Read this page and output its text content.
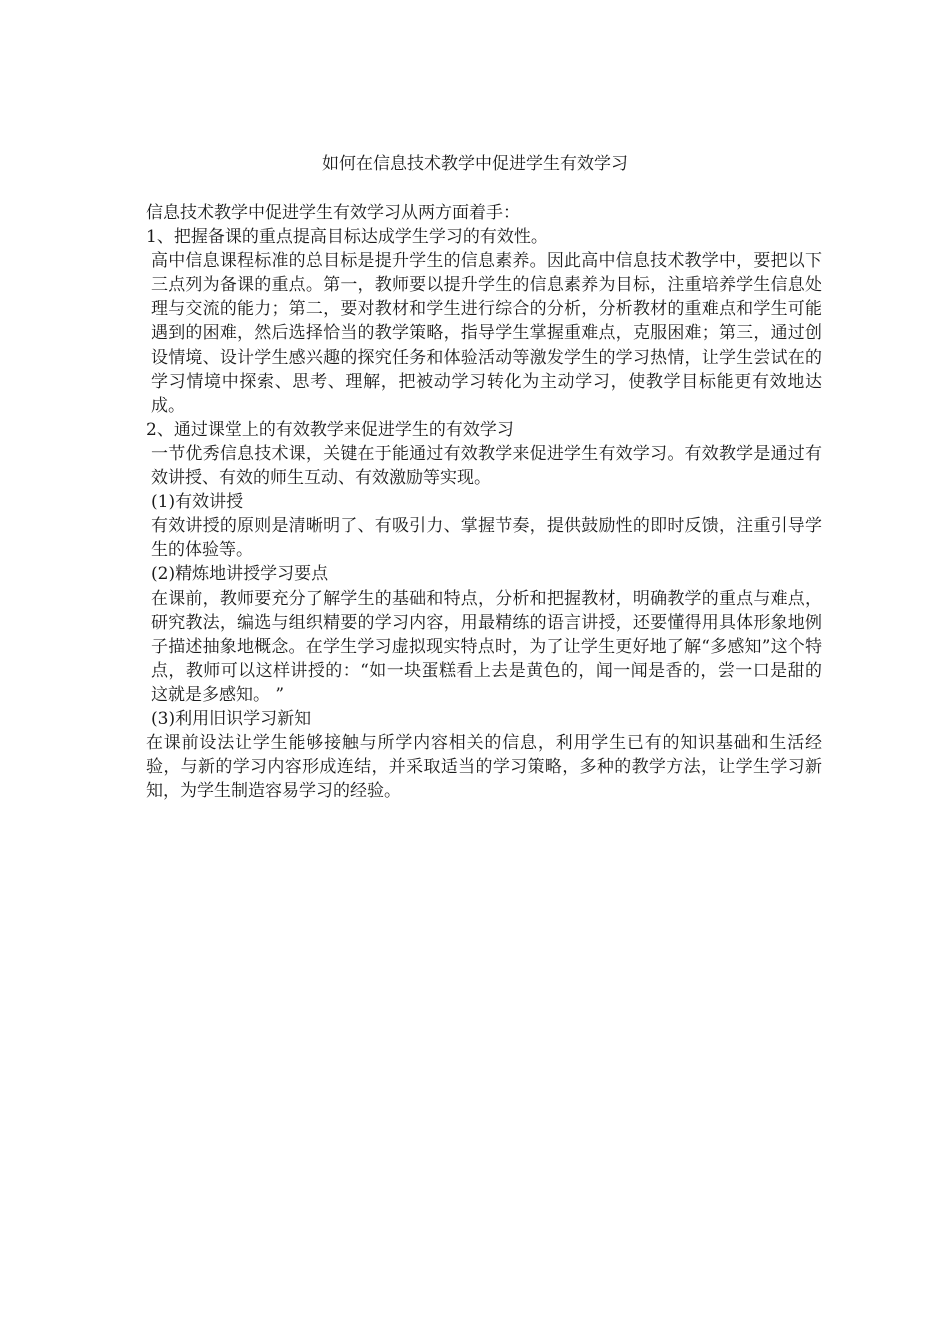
如何在信息技术教学中促进学生有效学习

信息技术教学中促进学生有效学习从两方面着手：

1、把握备课的重点提高目标达成学生学习的有效性。

高中信息课程标准的总目标是提升学生的信息素养。因此高中信息技术教学中，要把以下三点列为备课的重点。第一，教师要以提升学生的信息素养为目标，注重培养学生信息处理与交流的能力；第二，要对教材和学生进行综合的分析，分析教材的重难点和学生可能遇到的困难，然后选择恰当的教学策略，指导学生掌握重难点，克服困难；第三，通过创设情境、设计学生感兴趣的探究任务和体验活动等激发学生的学习热情，让学生尝试在的学习情境中探索、思考、理解，把被动学习转化为主动学习，使教学目标能更有效地达成。

2、通过课堂上的有效教学来促进学生的有效学习

一节优秀信息技术课，关键在于能通过有效教学来促进学生有效学习。有效教学是通过有效讲授、有效的师生互动、有效激励等实现。

(1)有效讲授

有效讲授的原则是清晰明了、有吸引力、掌握节奏，提供鼓励性的即时反馈，注重引导学生的体验等。

(2)精炼地讲授学习要点

在课前，教师要充分了解学生的基础和特点，分析和把握教材，明确教学的重点与难点，研究教法，编选与组织精要的学习内容，用最精练的语言讲授，还要懂得用具体形象地例子描述抽象地概念。在学生学习虚拟现实特点时，为了让学生更好地了解“多感知”这个特点，教师可以这样讲授的：“如一块蛋糕看上去是黄色的，闻一闻是香的，尝一口是甜的这就是多感知。 ”

(3)利用旧识学习新知

在课前设法让学生能够接触与所学内容相关的信息，利用学生已有的知识基础和生活经验，与新的学习内容形成连结，并采取适当的学习策略，多种的教学方法，让学生学习新知，为学生制造容易学习的经验。
